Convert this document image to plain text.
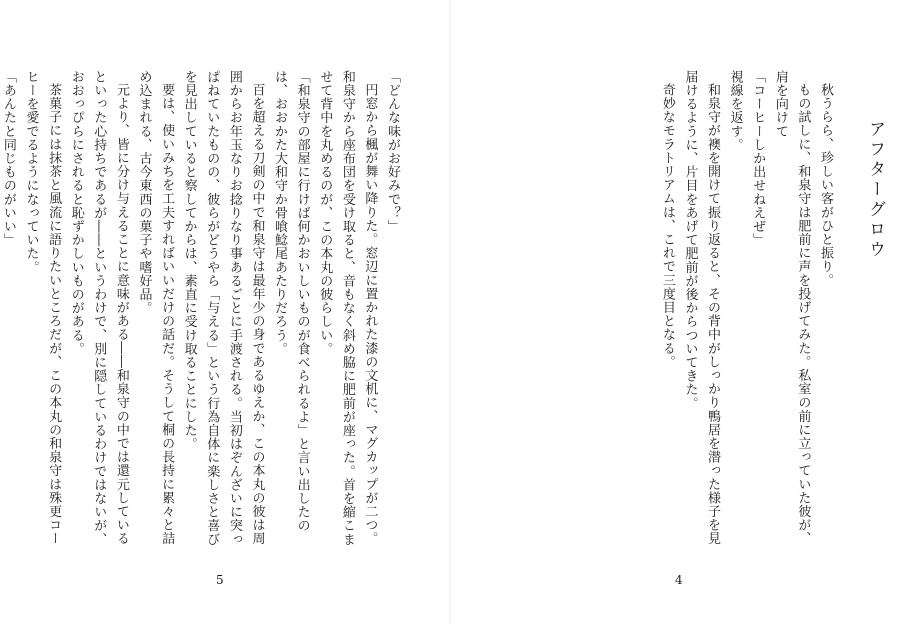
「どんな味がお好みで？」

円窓から楓が舞い降りた。窓辺に置かれた漆の文机に、マグカップが二つ。和泉守から座布団を受け取ると、音もなく斜め脇に肥前が座った。首を縮こませて背中を丸めるのが、この本丸の彼らしい。

「和泉守の部屋に行けば何かおいしいものが食べられるよ」と言い出したのは、おおかた大和守か骨喰鯰尾あたりだろう。

百を超える刀剣の中で和泉守は最年少の身であるゆえか、この本丸の彼は周囲からお年玉なりお捻りなり事あるごとに手渡される。当初はぞんざいに突っぱねていたものの、彼らがどうやら「与える」という行為自体に楽しさと喜びを見出していると察してからは、素直に受け取ることにした。

要は、使いみちを工夫すればいいだけの話だ。そうして桐の長持に累々と詰め込まれる、古今東西の菓子や嗜好品。

元より、皆に分け与えることに意味がある――和泉守の中では還元しているといった心持ちであるが――というわけで、別に隠しているわけではないが、おおっぴらにされると恥ずかしいものがある。

茶菓子には抹茶と風流に語りたいところだが、この本丸の和泉守は殊更コーヒーを愛でるようになっていた。

「あんたと同じものがいい」

5
アフターグロウ

秋うらら、珍しい客がひと振り。

もの試しに、和泉守は肥前に声を投げてみた。私室の前に立っていた彼が、肩を向けて

「コーヒーしか出せねえぜ」

視線を返す。

和泉守が襖を開けて振り返ると、その背中がしっかり鴨居を潜った様子を見届けるように、片目をあげて肥前が後からついてきた。

奇妙なモラトリアムは、これで三度目となる。

4
